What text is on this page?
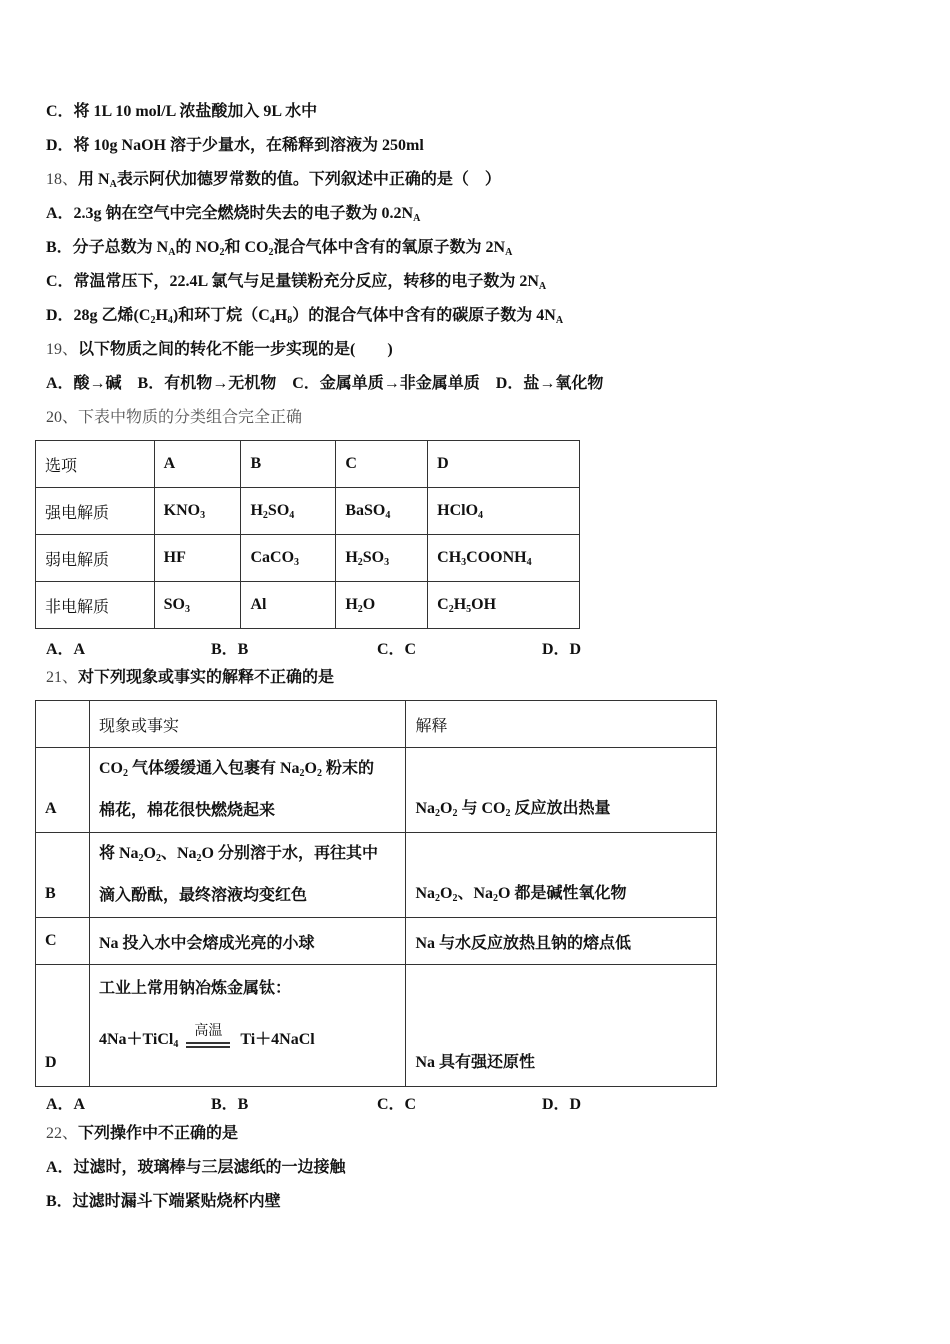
C．将 1L 10 mol/L 浓盐酸加入 9L 水中
D．将 10g NaOH 溶于少量水，在稀释到溶液为 250ml
18、用 $N_A$表示阿伏加德罗常数的值。下列叙述中正确的是（　）
A．2.3g 钠在空气中完全燃烧时失去的电子数为 $0.2N_A$
B．分子总数为 $N_A$的 $NO_2$和 $CO_2$混合气体中含有的氧原子数为 $2N_A$
C．常温常压下，22.4L 氯气与足量镁粉充分反应，转移的电子数为 $2N_A$
D．28g 乙烯$(C_2H_4)$和环丁烷$(C_4H_8)$的混合气体中含有的碳原子数为 $4N_A$
19、以下物质之间的转化不能一步实现的是(　　)
A．酸→碱　B．有机物→无机物　C．金属单质→非金属单质　D．盐→氧化物
20、下表中物质的分类组合完全正确
选项	A	B	C	D
强电解质	$KNO_3$	$H_2SO_4$	BaSO$_4$	HClO$_4$
弱电解质	HF	CaCO$_3$	$H_2SO_3$	$CH_3COONH_4$
非电解质	$SO_3$	Al	$H_2O$	$C_2H_5OH$
A．A	B．B	C．C	D．D
21、对下列现象或事实的解释不正确的是
	现象或事实	解释
A	$CO_2$ 气体缓缓通入包裹有 $Na_2O_2$ 粉末的
棉花，棉花很快燃烧起来	$Na_2O_2$ 与 $CO_2$ 反应放出热量
B	将 $Na_2O_2$、$Na_2O$ 分别溶于水，再往其中
滴入酚酞，最终溶液均变红色	$Na_2O_2$、$Na_2O$ 都是碱性氧化物
C	Na 投入水中会熔成光亮的小球	Na 与水反应放热且钠的熔点低
D	工业上常用钠冶炼金属钛：
4Na＋TiCl$_4$
高温 Ti＋4NaCl	Na 具有强还原性
A．A	B．B	C．C	D．D
22、下列操作中不正确的是
A．过滤时，玻璃棒与三层滤纸的一边接触
B．过滤时漏斗下端紧贴烧杯内壁
